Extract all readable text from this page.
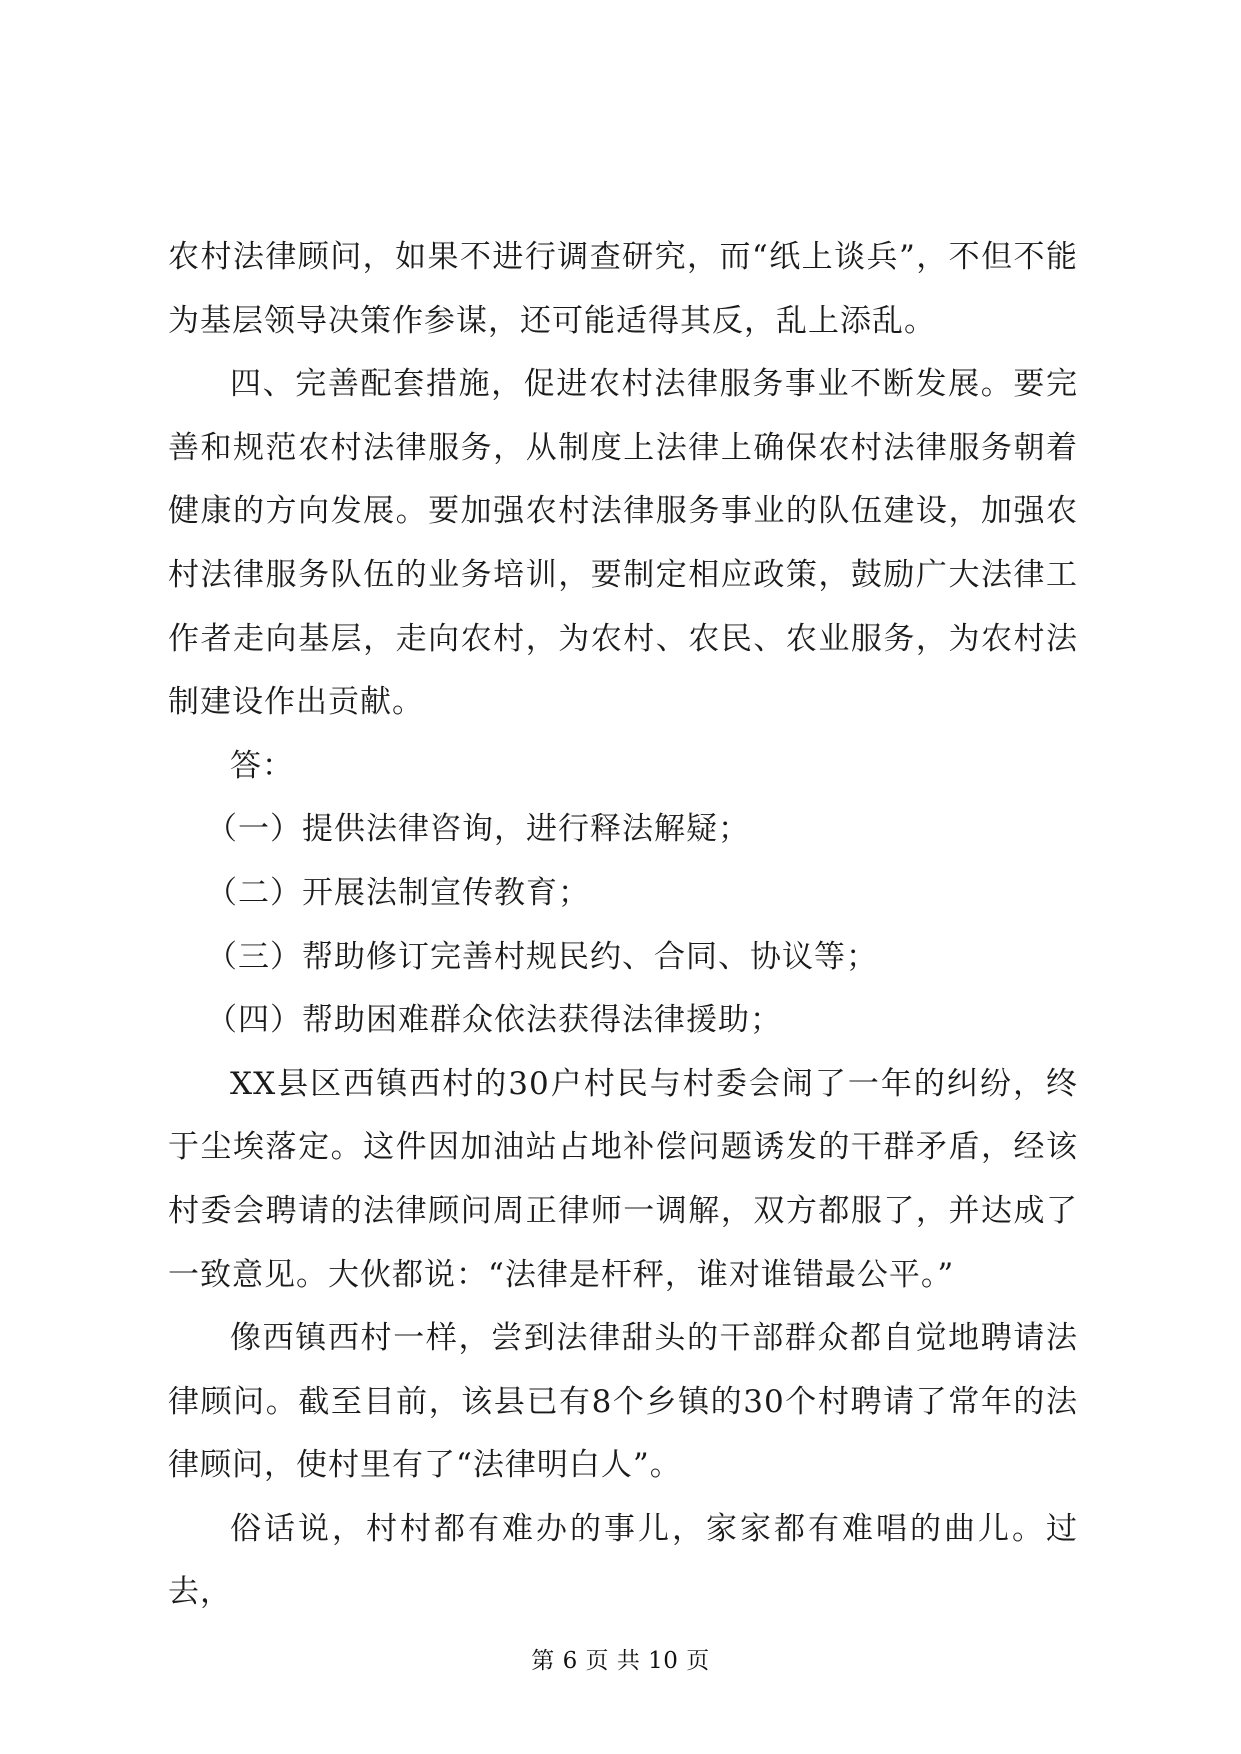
农村法律顾问，如果不进行调查研究，而“纸上谈兵”，不但不能为基层领导决策作参谋，还可能适得其反，乱上添乱。

四、完善配套措施，促进农村法律服务事业不断发展。要完善和规范农村法律服务，从制度上法律上确保农村法律服务朝着健康的方向发展。要加强农村法律服务事业的队伍建设，加强农村法律服务队伍的业务培训，要制定相应政策，鼓励广大法律工作者走向基层，走向农村，为农村、农民、农业服务，为农村法制建设作出贡献。

答：

（一）提供法律咨询，进行释法解疑；

（二）开展法制宣传教育；

（三）帮助修订完善村规民约、合同、协议等；

（四）帮助困难群众依法获得法律援助；

XX县区西镇西村的30户村民与村委会闹了一年的纠纷，终于尘埃落定。这件因加油站占地补偿问题诱发的干群矛盾，经该村委会聘请的法律顾问周正律师一调解，双方都服了，并达成了一致意见。大伙都说：“法律是杆秤，谁对谁错最公平。”

像西镇西村一样，尝到法律甜头的干部群众都自觉地聘请法律顾问。截至目前，该县已有8个乡镇的30个村聘请了常年的法律顾问，使村里有了“法律明白人”。

俗话说，村村都有难办的事儿，家家都有难唱的曲儿。过去，

第 6 页 共 10 页
